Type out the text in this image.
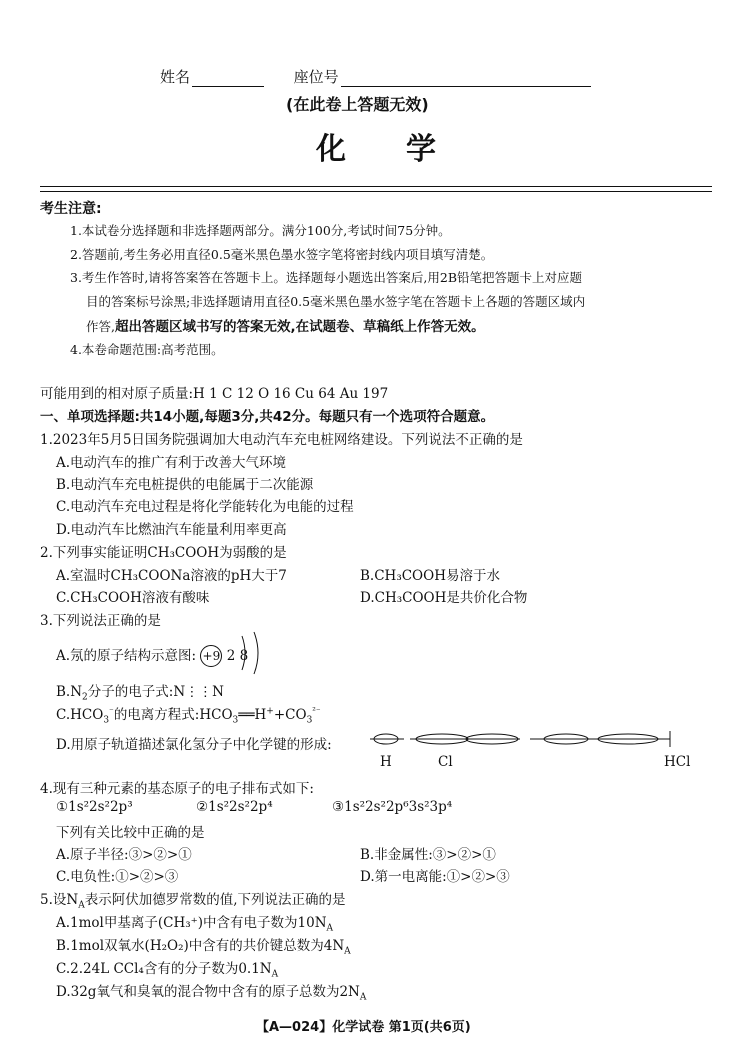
姓名	座位号
(在此卷上答题无效)
化学
考生注意:
1.本试卷分选择题和非选择题两部分。满分100分,考试时间75分钟。
2.答题前,考生务必用直径0.5毫米黑色墨水签字笔将密封线内项目填写清楚。
3.考生作答时,请将答案答在答题卡上。选择题每小题选出答案后,用2B铅笔把答题卡上对应题
目的答案标号涂黑;非选择题请用直径0.5毫米黑色墨水签字笔在答题卡上各题的答题区域内
作答,超出答题区域书写的答案无效,在试题卷、草稿纸上作答无效。
4.本卷命题范围:高考范围。
可能用到的相对原子质量:H 1 C 12 O 16 Cu 64 Au 197
一、单项选择题:共14小题,每题3分,共42分。每题只有一个选项符合题意。
1.2023年5月5日国务院强调加大电动汽车充电桩网络建设。下列说法不正确的是
A.电动汽车的推广有利于改善大气环境
B.电动汽车充电桩提供的电能属于二次能源
C.电动汽车充电过程是将化学能转化为电能的过程
D.电动汽车比燃油汽车能量利用率更高
2.下列事实能证明CH₃COOH为弱酸的是
A.室温时CH₃COONa溶液的pH大于7	B.CH₃COOH易溶于水
C.CH₃COOH溶液有酸味	D.CH₃COOH是共价化合物
3.下列说法正确的是
A.氖的原子结构示意图: +9 2 8
$B.N_2$分子的电子式:N⋮⋮N
$C.HCO_3^{^-}$的电离方程式$:HCO_3══H^++CO_3^{^{2-}}$
D.用原子轨道描述氯化氢分子中化学键的形成:
H	Cl	HCl
4.现有三种元素的基态原子的电子排布式如下:
①1s²2s²2p³	②1s²2s²2p⁴	③1s²2s²2p⁶3s²3p⁴
下列有关比较中正确的是
A.原子半径:③>②>①	B.非金属性:③>②>①
C.电负性:①>②>③	D.第一电离能:①>②>③
5.设$N_A$表示阿伏加德罗常数的值,下列说法正确的是
A.1mol甲基离子(CH₃⁺)中含有电子数为$10N_A$
B.1mol双氧水(H₂O₂)中含有的共价键总数为$4N_A$
C.2.24L CCl₄含有的分子数为$0.1N_A$
D.32g氧气和臭氧的混合物中含有的原子总数为$2N_A$
【A—024】化学试卷 第1页(共6页)
